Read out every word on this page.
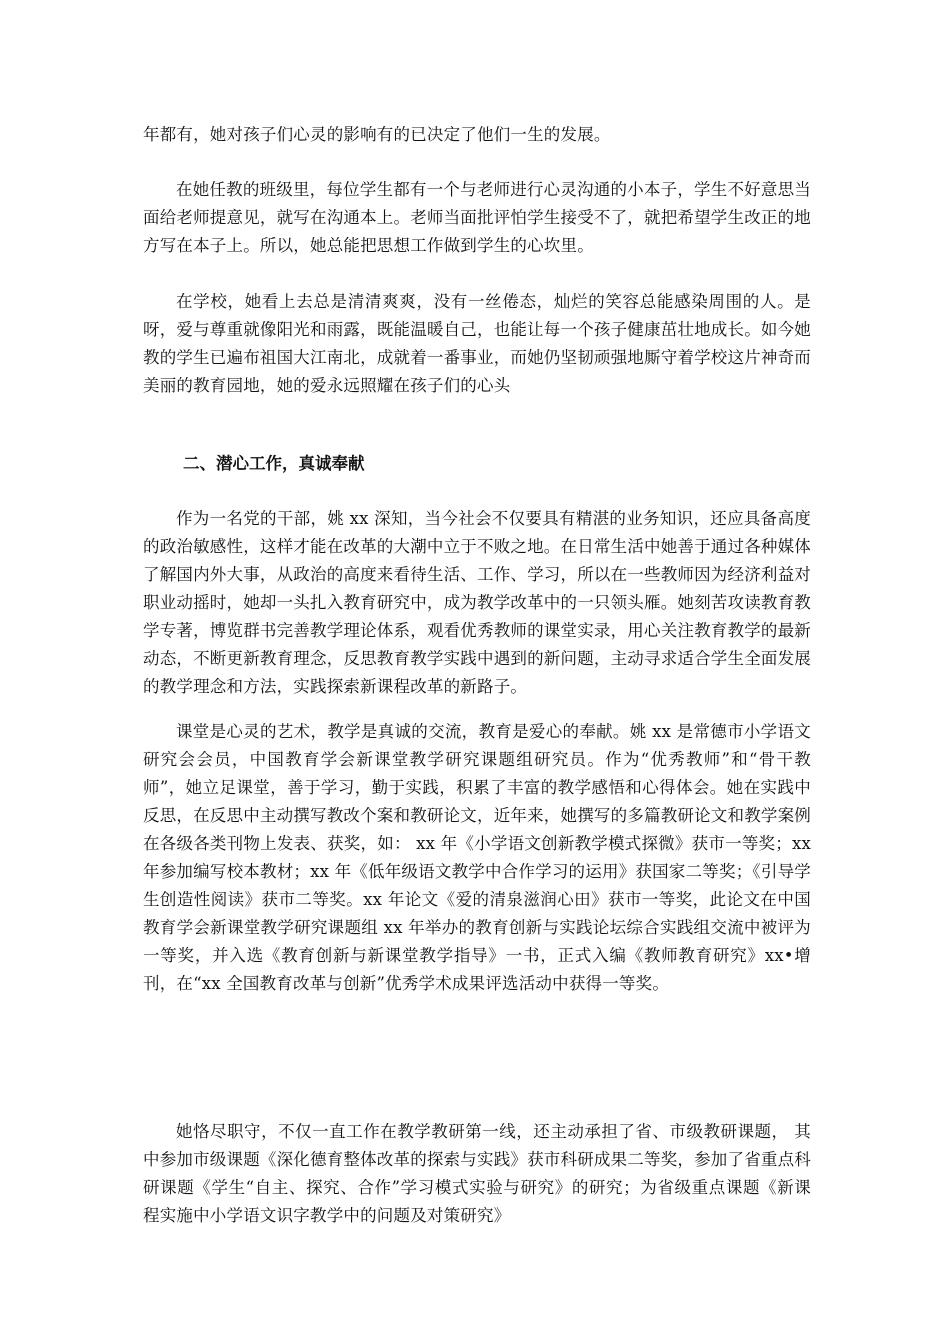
年都有，她对孩子们心灵的影响有的已决定了他们一生的发展。

在她任教的班级里，每位学生都有一个与老师进行心灵沟通的小本子，学生不好意思当面给老师提意见，就写在沟通本上。老师当面批评怕学生接受不了，就把希望学生改正的地方写在本子上。所以，她总能把思想工作做到学生的心坎里。

在学校，她看上去总是清清爽爽，没有一丝倦态，灿烂的笑容总能感染周围的人。是呀，爱与尊重就像阳光和雨露，既能温暖自己，也能让每一个孩子健康茁壮地成长。如今她教的学生已遍布祖国大江南北，成就着一番事业，而她仍坚韧顽强地厮守着学校这片神奇而美丽的教育园地，她的爱永远照耀在孩子们的心头

二、潜心工作，真诚奉献

作为一名党的干部，姚 xx 深知，当今社会不仅要具有精湛的业务知识，还应具备高度的政治敏感性，这样才能在改革的大潮中立于不败之地。在日常生活中她善于通过各种媒体了解国内外大事，从政治的高度来看待生活、工作、学习，所以在一些教师因为经济利益对职业动摇时，她却一头扎入教育研究中，成为教学改革中的一只领头雁。她刻苦攻读教育教学专著，博览群书完善教学理论体系，观看优秀教师的课堂实录，用心关注教育教学的最新动态，不断更新教育理念，反思教育教学实践中遇到的新问题，主动寻求适合学生全面发展的教学理念和方法，实践探索新课程改革的新路子。

课堂是心灵的艺术，教学是真诚的交流，教育是爱心的奉献。姚 xx 是常德市小学语文研究会会员，中国教育学会新课堂教学研究课题组研究员。作为“优秀教师”和“骨干教师”，她立足课堂，善于学习，勤于实践，积累了丰富的教学感悟和心得体会。她在实践中反思，在反思中主动撰写教改个案和教研论文，近年来，她撰写的多篇教研论文和教学案例在各级各类刊物上发表、获奖，如： xx 年《小学语文创新教学模式探微》获市一等奖；xx 年参加编写校本教材；xx 年《低年级语文教学中合作学习的运用》获国家二等奖；《引导学生创造性阅读》获市二等奖。xx 年论文《爱的清泉滋润心田》获市一等奖，此论文在中国教育学会新课堂教学研究课题组 xx 年举办的教育创新与实践论坛综合实践组交流中被评为一等奖，并入选《教育创新与新课堂教学指导》一书，正式入编《教师教育研究》xx•增刊，在“xx 全国教育改革与创新”优秀学术成果评选活动中获得一等奖。

她恪尽职守，不仅一直工作在教学教研第一线，还主动承担了省、市级教研课题， 其中参加市级课题《深化德育整体改革的探索与实践》获市科研成果二等奖，参加了省重点科研课题《学生“自主、探究、合作”学习模式实验与研究》的研究；为省级重点课题《新课程实施中小学语文识字教学中的问题及对策研究》
